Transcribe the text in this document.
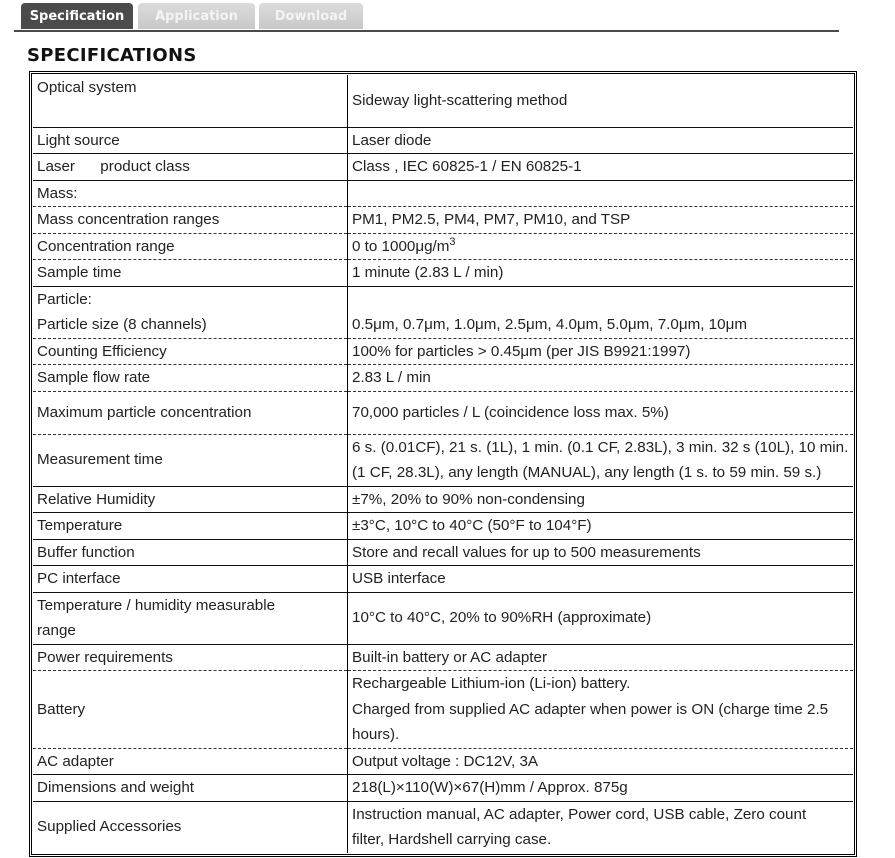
Specification	Application	Download
SPECIFICATIONS
Optical system	Sideway light-scattering method
Light source	Laser diode
Laser      product class	Class , IEC 60825-1 / EN 60825-1
Mass:	
Mass concentration ranges	PM1, PM2.5, PM4, PM7, PM10, and TSP
Concentration range	0 to $1000\mu g/m^3$
Sample time	1 minute (2.83 L / min)

Particle:
Particle size (8 channels)	0.5μm, 0.7μm, 1.0μm, 2.5μm, 4.0μm, 5.0μm, 7.0μm, 10μm
Counting Efficiency	100% for particles > 0.45μm (per JIS B9921:1997)
Sample flow rate	2.83 L / min
Maximum particle concentration	70,000 particles / L (coincidence loss max. 5%)
Measurement time	6 s. (0.01CF), 21 s. (1L), 1 min. (0.1 CF, 2.83L), 3 min. 32 s (10L), 10 min. (1 CF, 28.3L), any length (MANUAL), any length (1 s. to 59 min. 59 s.)
Relative Humidity	±7%, 20% to 90% non-condensing
Temperature	±3°C, 10°C to 40°C (50°F to 104°F)
Buffer function	Store and recall values for up to 500 measurements
PC interface	USB interface
Temperature / humidity measurable range	10°C to 40°C, 20% to 90%RH (approximate)
Power requirements	Built-in battery or AC adapter
Battery	Rechargeable Lithium-ion (Li-ion) battery.
Charged from supplied AC adapter when power is ON (charge time 2.5 hours).

AC adapter	Output voltage : DC12V, 3A
Dimensions and weight	218(L)×110(W)×67(H)mm / Approx. 875g
Supplied Accessories	Instruction manual, AC adapter, Power cord, USB cable, Zero count filter, Hardshell carrying case.
